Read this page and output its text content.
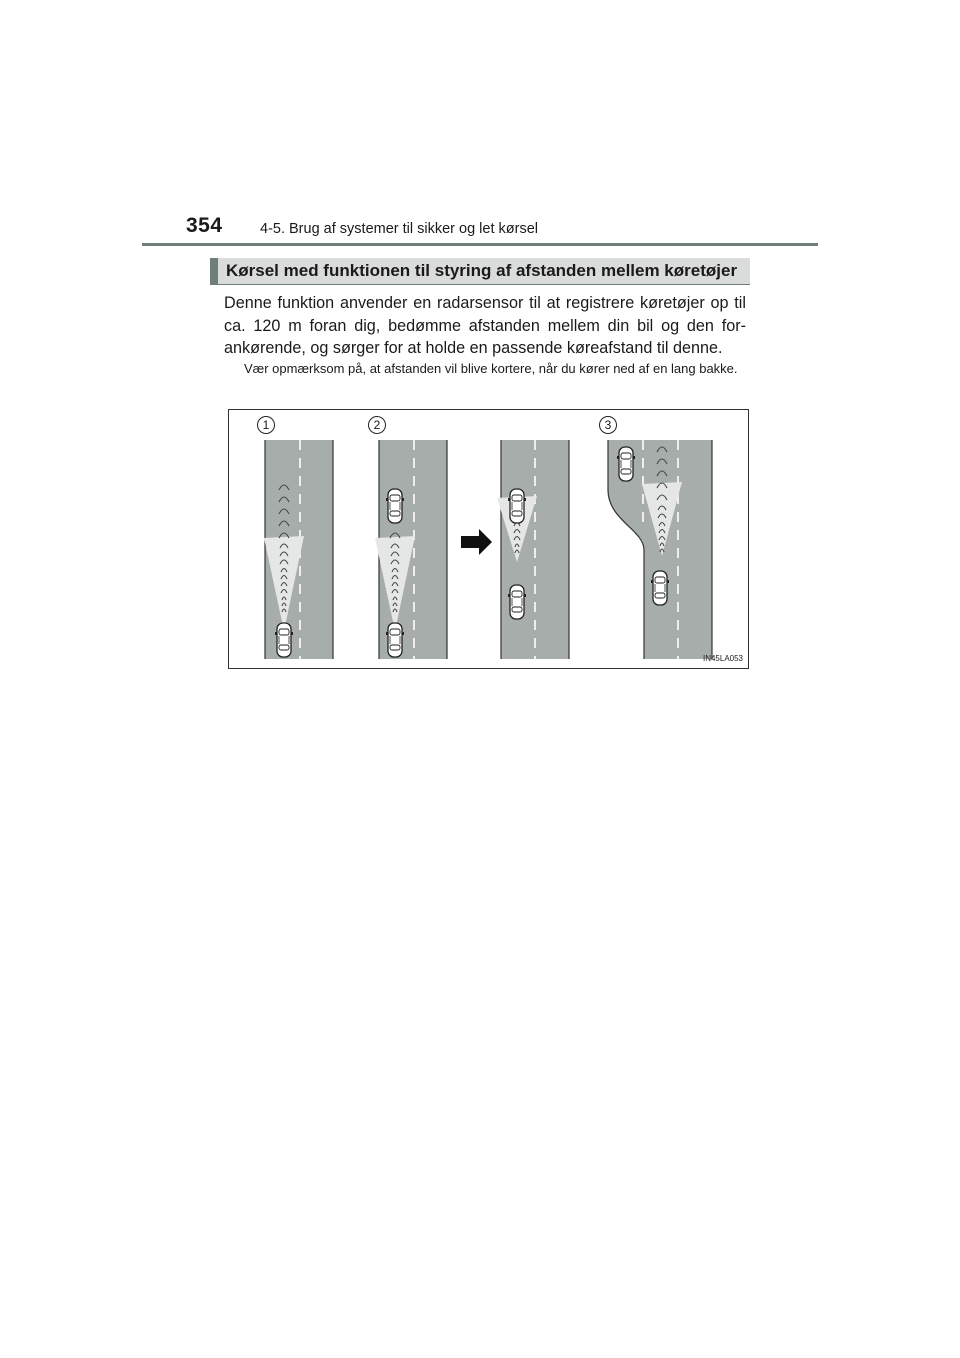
354	4-5. Brug af systemer til sikker og let kørsel
Kørsel med funktionen til styring af afstanden mellem køretøjer
Denne funktion anvender en radarsensor til at registrere køretøjer op til ca. 120 m foran dig, bedømme afstanden mellem din bil og den for-ankørende, og sørger for at holde en passende køreafstand til denne.
Vær opmærksom på, at afstanden vil blive kortere, når du kører ned af en lang bakke.
1	2	3
IN45LA053
